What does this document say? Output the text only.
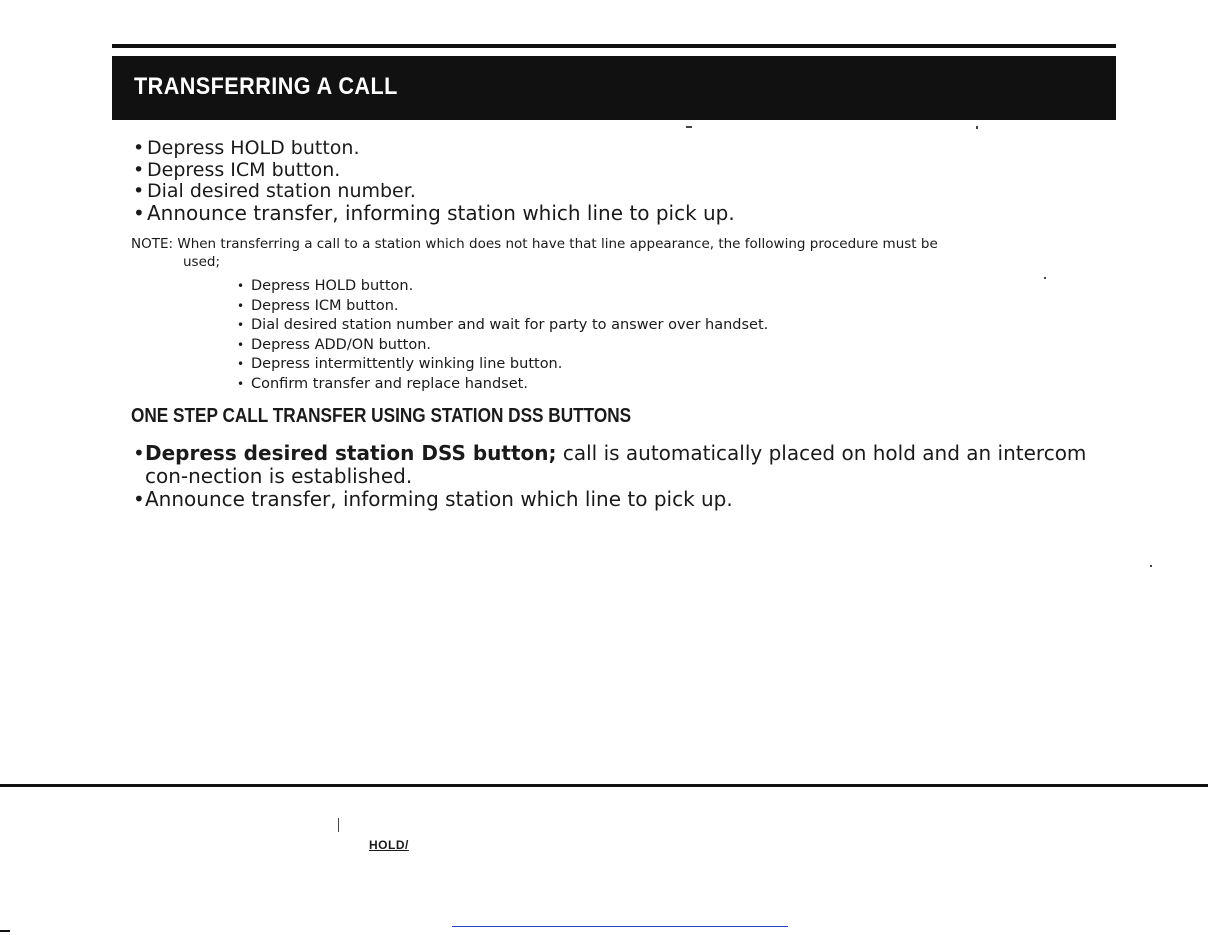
TRANSFERRING A CALL
• Depress HOLD button.
• Depress ICM button.
• Dial desired station number.
• Announce transfer, informing station which line to pick up.
NOTE: When transferring a call to a station which does not have that line appearance, the following procedure must be
used;
• Depress HOLD button.
• Depress ICM button.
• Dial desired station number and wait for party to answer over handset.
• Depress ADD/ON button.
• Depress intermittently winking line button.
• Confirm transfer and replace handset.
ONE STEP CALL TRANSFER USING STATION DSS BUTTONS
• Depress desired station DSS button; call is automatically placed on hold and an intercom con-nection is established.
• Announce transfer, informing station which line to pick up.
HOLD/
